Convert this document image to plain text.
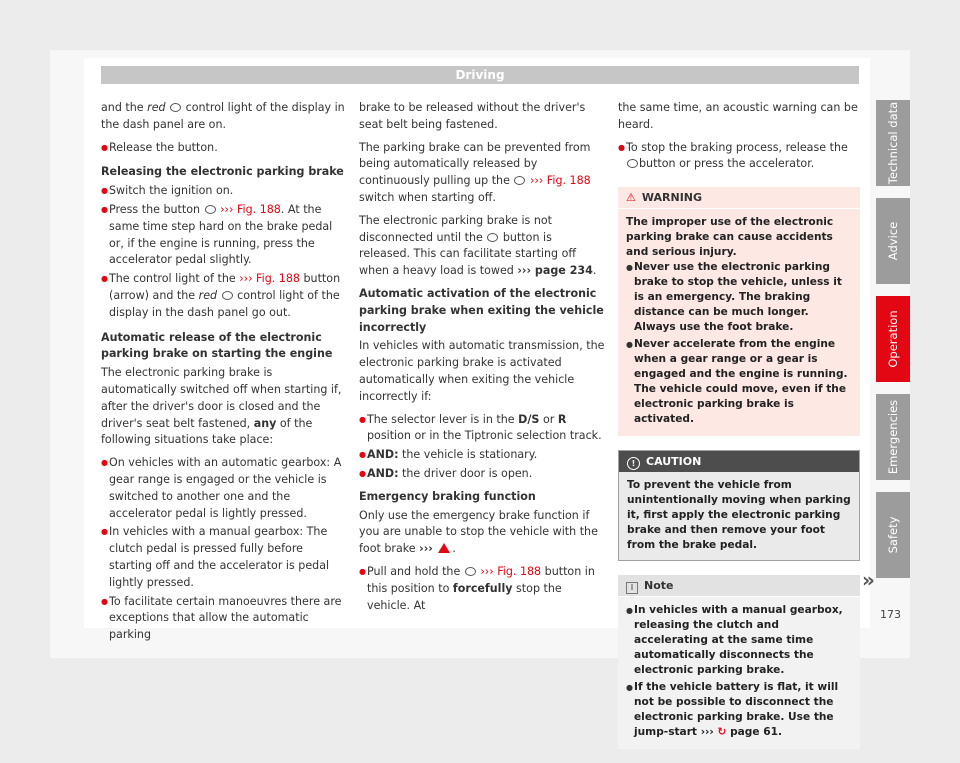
Driving

and the red  control light of the display in the dash panel are on.

● Release the button.

Releasing the electronic parking brake

● Switch the ignition on.

● Press the button  ››› Fig. 188. At the same time step hard on the brake pedal or, if the engine is running, press the accelerator pedal slightly.

● The control light of the ››› Fig. 188 button (arrow) and the red  control light of the display in the dash panel go out.

Automatic release of the electronic parking brake on starting the engine

The electronic parking brake is automatically switched off when starting if, after the driver's door is closed and the driver's seat belt fastened, any of the following situations take place:

● On vehicles with an automatic gearbox: A gear range is engaged or the vehicle is switched to another one and the accelerator pedal is lightly pressed.

● In vehicles with a manual gearbox: The clutch pedal is pressed fully before starting off and the accelerator is pedal lightly pressed.

● To facilitate certain manoeuvres there are exceptions that allow the automatic parking

brake to be released without the driver's seat belt being fastened.

The parking brake can be prevented from being automatically released by continuously pulling up the  ››› Fig. 188 switch when starting off.

The electronic parking brake is not disconnected until the  button is released. This can facilitate starting off when a heavy load is towed ››› page 234.

Automatic activation of the electronic parking brake when exiting the vehicle incorrectly

In vehicles with automatic transmission, the electronic parking brake is activated automatically when exiting the vehicle incorrectly if:

● The selector lever is in the D/S or R position or in the Tiptronic selection track.

● AND: the vehicle is stationary.

● AND: the driver door is open.

Emergency braking function

Only use the emergency brake function if you are unable to stop the vehicle with the foot brake ››› .

● Pull and hold the  ››› Fig. 188 button in this position to forcefully stop the vehicle. At

the same time, an acoustic warning can be heard.

● To stop the braking process, release the
button or press the accelerator.

⚠ WARNING

The improper use of the electronic parking brake can cause accidents and serious injury.

● Never use the electronic parking brake to stop the vehicle, unless it is an emergency. The braking distance can be much longer. Always use the foot brake.

● Never accelerate from the engine when a gear range or a gear is engaged and the engine is running. The vehicle could move, even if the electronic parking brake is activated.

! CAUTION

To prevent the vehicle from unintentionally moving when parking it, first apply the electronic parking brake and then remove your foot from the brake pedal.

i Note

● In vehicles with a manual gearbox, releasing the clutch and accelerating at the same time automatically disconnects the electronic parking brake.

● If the vehicle battery is flat, it will not be possible to disconnect the electronic parking brake. Use the jump-start ››› ↻ page 61.

»
Technical data
Advice
Operation
Emergencies
Safety
173
